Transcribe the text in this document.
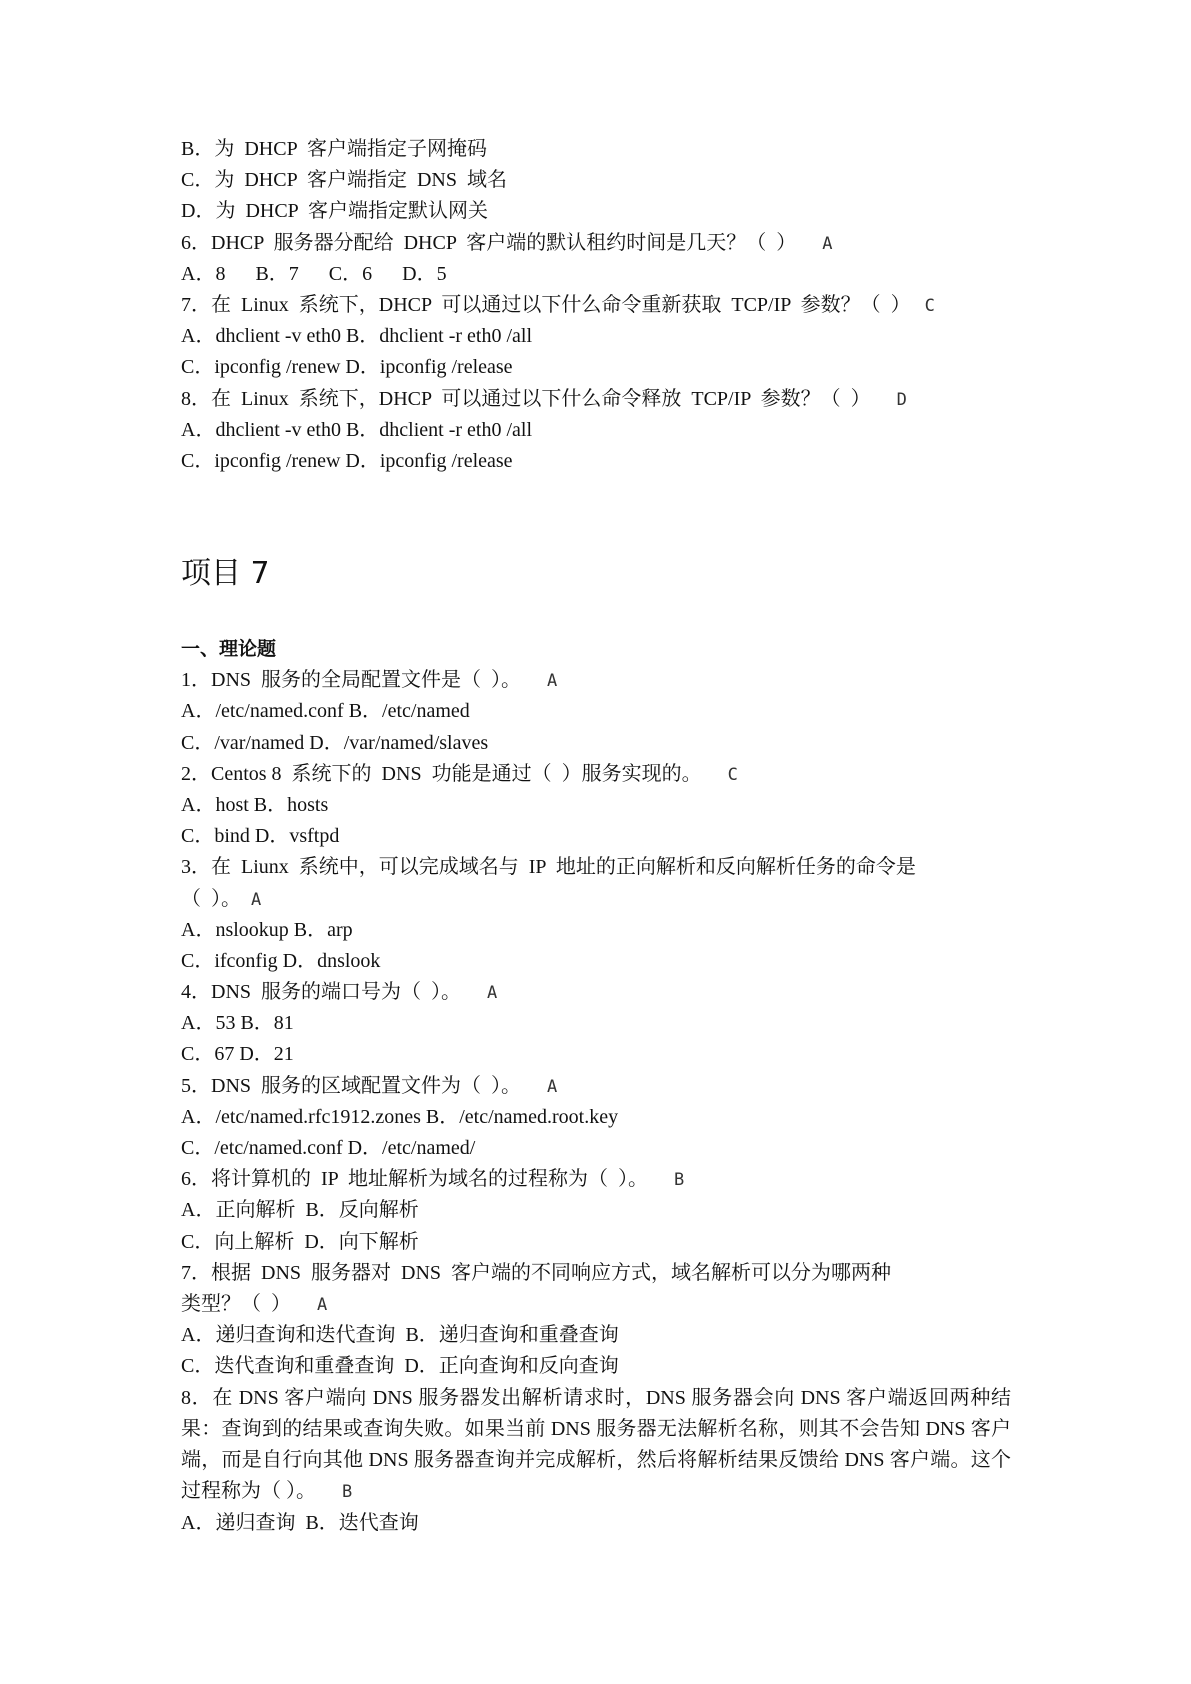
B．为  DHCP  客户端指定子网掩码
C．为  DHCP  客户端指定  DNS  域名
D．为  DHCP  客户端指定默认网关
6．DHCP  服务器分配给  DHCP  客户端的默认租约时间是几天？（  ） A
A．8      B．7      C．6      D．5
7．在  Linux  系统下，DHCP  可以通过以下什么命令重新获取  TCP/IP  参数？（  ） C
A．dhclient -v eth0 B．dhclient -r eth0 /all
C．ipconfig /renew D．ipconfig /release
8．在  Linux  系统下，DHCP  可以通过以下什么命令释放  TCP/IP  参数？（  ） D
A．dhclient -v eth0 B．dhclient -r eth0 /all
C．ipconfig /renew D．ipconfig /release
项目 7
一、理论题
1．DNS  服务的全局配置文件是（  ）。 A
A．/etc/named.conf B．/etc/named
C．/var/named D．/var/named/slaves
2．Centos 8  系统下的  DNS  功能是通过（  ）服务实现的。 C
A．host B．hosts
C．bind D．vsftpd
3．在  Liunx  系统中，可以完成域名与  IP  地址的正向解析和反向解析任务的命令是
（  ）。 A
A．nslookup B．arp
C．ifconfig D．dnslook
4．DNS  服务的端口号为（  ）。 A
A．53 B．81
C．67 D．21
5．DNS  服务的区域配置文件为（  ）。 A
A．/etc/named.rfc1912.zones B．/etc/named.root.key
C．/etc/named.conf D．/etc/named/
6．将计算机的  IP  地址解析为域名的过程称为（  ）。 B
A．正向解析  B．反向解析
C．向上解析  D．向下解析
7．根据  DNS  服务器对  DNS  客户端的不同响应方式，域名解析可以分为哪两种
类型？（  ） A
A．递归查询和迭代查询  B．递归查询和重叠查询
C．迭代查询和重叠查询  D．正向查询和反向查询
8．在 DNS 客户端向 DNS 服务器发出解析请求时，DNS 服务器会向 DNS 客户端返回两种结果：查询到的结果或查询失败。如果当前 DNS 服务器无法解析名称，则其不会告知 DNS 客户端，而是自行向其他 DNS 服务器查询并完成解析，然后将解析结果反馈给 DNS 客户端。这个过程称为（ ）。 B
A．递归查询  B．迭代查询
